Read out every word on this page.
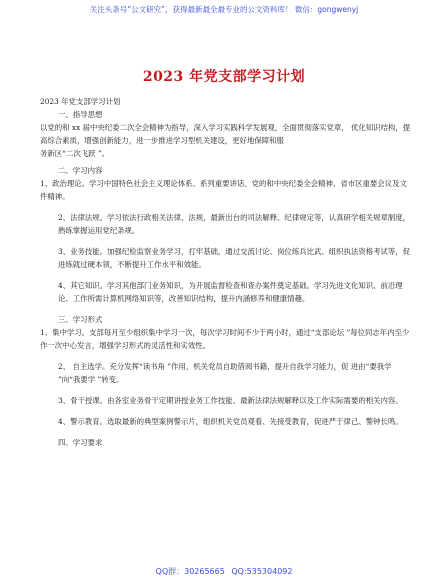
关注头条号“公文研究”，获得最新最全最专业的公文资料库！ 微信：gongwenyj
2023 年党支部学习计划

2023 年党支部学习计划

一、指导思想

以党的和 xx 届中央纪委二次全会精神为指导，深入学习实践科学发展观，全面贯彻落实党章， 优化知识结构，提高综合素质，增强创新能力，进一步推进学习型机关建设，更好地保障和服

务新区“二次飞跃 ”。

二、学习内容

1、政治理论。学习中国特色社会主义理论体系、系列重要讲话、党的和中央纪委全会精神、省市区重要会议及文件精神。

2、法律法规。学习依法行政相关法律、法规，最新出台的司法解释、纪律规定等，认真研学相关规章制度，熟练掌握运用党纪条规。

3、业务技能。加强纪检监察业务学习，打牢基础，通过交流讨论、岗位练兵比武、组织执法资格考试等，促进练就过硬本领，不断提升工作水平和效能。

4、其它知识。学习其他部门业务知识，为开展监督检查和查办案件奠定基础。学习先进文化知识、前沿理论、工作所需计算机网络知识等，改善知识结构，提升内涵修养和健康情趣。

三、学习形式

1、集中学习。支部每月至少组织集中学习一次，每次学习时间不少于两小时，通过“支部论坛 ”每位同志年内至少作一次中心发言，增强学习形式的灵活性和实效性。

2、 自主选学。充分发挥“读书角 ”作用，机关党员自助借阅书籍，提升自我学习能力，促 进由“要我学 ”向“我要学 ”转变。

3、骨干授课。由各室业务骨干定期讲授业务工作技能、最新法律法规解释以及工作实际需要的相关内容。

4、警示教育。选取最新的典型案例警示片，组织机关党员观看、先接受教育，促进严于律己、警钟长鸣。

四、学习要求

QQ群：30265665 QQ:535304092
